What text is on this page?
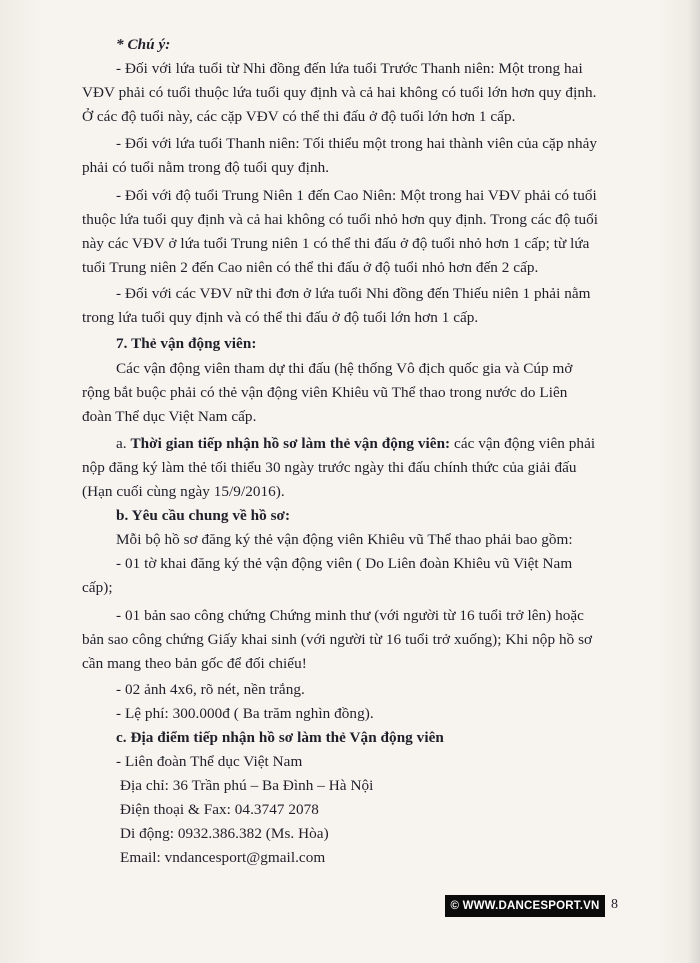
* Chú ý:
- Đối với lứa tuổi từ Nhi đồng đến lứa tuổi Trước Thanh niên: Một trong hai
VĐV phải có tuổi thuộc lứa tuổi quy định và cả hai không có tuổi lớn hơn quy định.
Ở các độ tuổi này, các cặp VĐV có thể thi đấu ở độ tuổi lớn hơn 1 cấp.
- Đối với lứa tuổi Thanh niên: Tối thiểu một trong hai thành viên của cặp nhảy
phải có tuổi nằm trong độ tuổi quy định.
- Đối với độ tuổi Trung Niên 1 đến Cao Niên: Một trong hai VĐV phải có tuổi
thuộc lứa tuổi quy định và cả hai không có tuổi nhỏ hơn quy định. Trong các độ tuổi
này các VĐV ở lứa tuổi Trung niên 1 có thể thi đấu ở độ tuổi nhỏ hơn 1 cấp; từ lứa
tuổi Trung niên 2 đến Cao niên có thể thi đấu ở độ tuổi nhỏ hơn đến 2 cấp.
- Đối với các VĐV nữ thi đơn ở lứa tuổi Nhi đồng đến Thiếu niên 1 phải nằm
trong lứa tuổi quy định và có thể thi đấu ở độ tuổi lớn hơn 1 cấp.
7. Thẻ vận động viên:
Các vận động viên tham dự thi đấu (hệ thống Vô địch quốc gia và Cúp mở
rộng bắt buộc phải có thẻ vận động viên Khiêu vũ Thể thao trong nước do Liên
đoàn Thể dục Việt Nam cấp.
a. Thời gian tiếp nhận hồ sơ làm thẻ vận động viên: các vận động viên phải
nộp đăng ký làm thẻ tối thiểu 30 ngày trước ngày thi đấu chính thức của giải đấu
(Hạn cuối cùng ngày 15/9/2016).
b. Yêu cầu chung về hồ sơ:
Mỗi bộ hồ sơ đăng ký thẻ vận động viên Khiêu vũ Thể thao phải bao gồm:
- 01 tờ khai đăng ký thẻ vận động viên ( Do Liên đoàn Khiêu vũ Việt Nam
cấp);
- 01 bản sao công chứng Chứng minh thư (với người từ 16 tuổi trở lên) hoặc
bản sao công chứng Giấy khai sinh (với người từ 16 tuổi trở xuống); Khi nộp hồ sơ
cần mang theo bản gốc để đối chiếu!
- 02 ảnh 4x6, rõ nét, nền trắng.
- Lệ phí: 300.000đ ( Ba trăm nghìn đồng).
c. Địa điểm tiếp nhận hồ sơ làm thẻ Vận động viên
- Liên đoàn Thể dục Việt Nam
Địa chỉ: 36 Trần phú – Ba Đình – Hà Nội
Điện thoại & Fax: 04.3747 2078
Di động: 0932.386.382 (Ms. Hòa)
Email: vndancesport@gmail.com
© WWW.DANCESPORT.VN 8
